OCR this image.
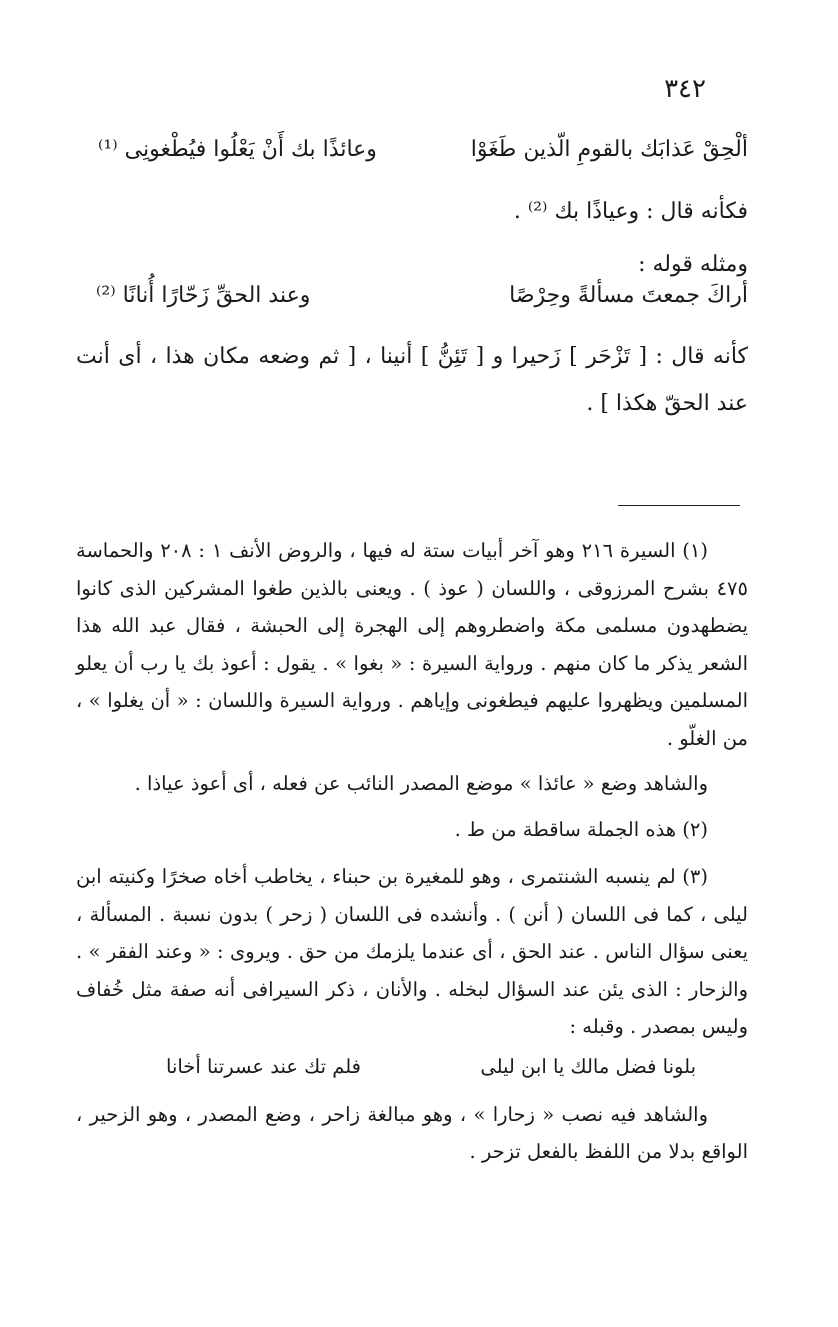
٣٤٢
ألْحِقْ عَذابَك بالقومِ الّذين طَغَوْا
وعائذًا بك أَنْ يَعْلُوا فيُطْغونِى ⁽¹⁾

فكأنه قال : وعياذًا بك ⁽²⁾ .

ومثله قوله :

أراكَ جمعتَ مسألةً وحِرْصًا
وعند الحقِّ زَحّارًا أُنانًا ⁽²⁾

كأنه قال : [ تَزْحَر ] زَحيرا و [ تَئِنُّ ] أنينا ، [ ثم وضعه مكان هذا ، أى أنت عند الحقّ هكذا ] .

(١) السيرة ٢١٦ وهو آخر أبيات ستة له فيها ، والروض الأنف ١ : ٢٠٨ والحماسة ٤٧٥ بشرح المرزوقى ، واللسان ( عوذ ) . ويعنى بالذين طغوا المشركين الذى كانوا يضطهدون مسلمى مكة واضطروهم إلى الهجرة إلى الحبشة ، فقال عبد الله هذا الشعر يذكر ما كان منهم . ورواية السيرة : « بغوا » . يقول : أعوذ بك يا رب أن يعلو المسلمين ويظهروا عليهم فيطغونى وإياهم . ورواية السيرة واللسان : « أن يغلوا » ، من الغلّو .

والشاهد وضع « عائذا » موضع المصدر النائب عن فعله ، أى أعوذ عياذا .

(٢) هذه الجملة ساقطة من ط .

(٣) لم ينسبه الشنتمرى ، وهو للمغيرة بن حبناء ، يخاطب أخاه صخرًا وكنيته ابن ليلى ، كما فى اللسان ( أنن ) . وأنشده فى اللسان ( زحر ) بدون نسبة . المسألة ، يعنى سؤال الناس . عند الحق ، أى عندما يلزمك من حق . ويروى : « وعند الفقر » . والزحار : الذى يئن عند السؤال لبخله . والأنان ، ذكر السيرافى أنه صفة مثل خُفاف وليس بمصدر . وقبله :

بلونا فضل مالك يا ابن ليلى
فلم تك عند عسرتنا أخانا

والشاهد فيه نصب « زحارا » ، وهو مبالغة زاحر ، وضع المصدر ، وهو الزحير ، الواقع بدلا من اللفظ بالفعل تزحر .
